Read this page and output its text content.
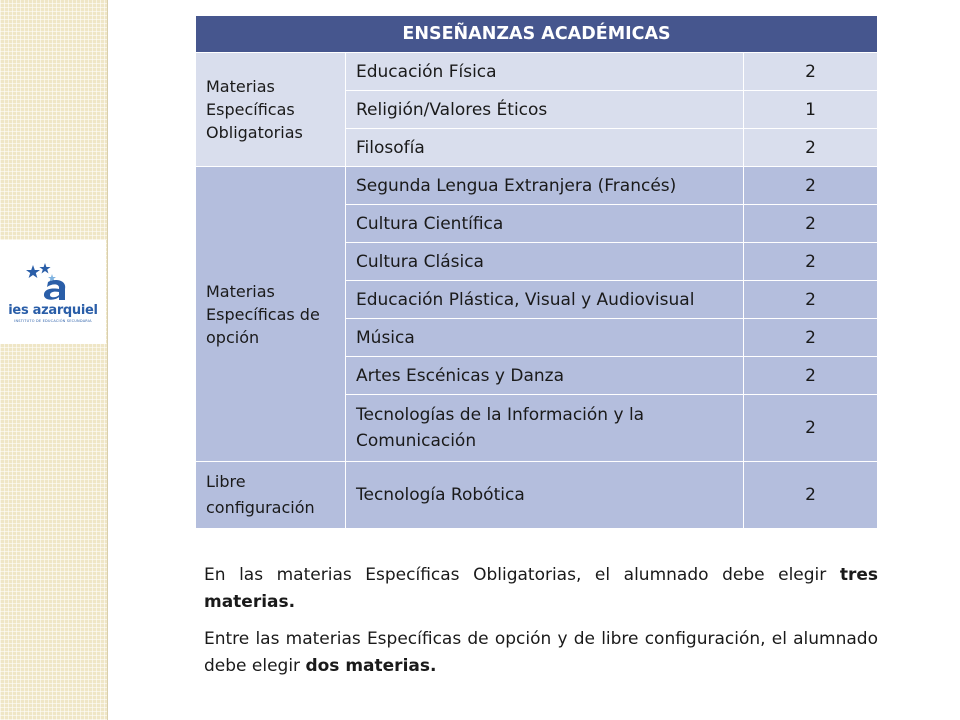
ies azarquiel
INSTITUTO DE EDUCACIÓN SECUNDARIA
ENSEÑANZAS ACADÉMICAS		
Materias Específicas Obligatorias	Educación Física	2
	Religión/Valores Éticos	1
	Filosofía	2
Materias Específicas de opción	Segunda Lengua Extranjera (Francés)	2
	Cultura Científica	2
	Cultura Clásica	2
	Educación Plástica, Visual y Audiovisual	2
	Música	2
	Artes Escénicas y Danza	2
	Tecnologías de la Información y la Comunicación	2
Libre configuración	Tecnología Robótica	2

En las materias Específicas Obligatorias, el alumnado debe elegir tres materias.

Entre las materias Específicas de opción y de libre configuración, el alumnado debe elegir dos materias.
